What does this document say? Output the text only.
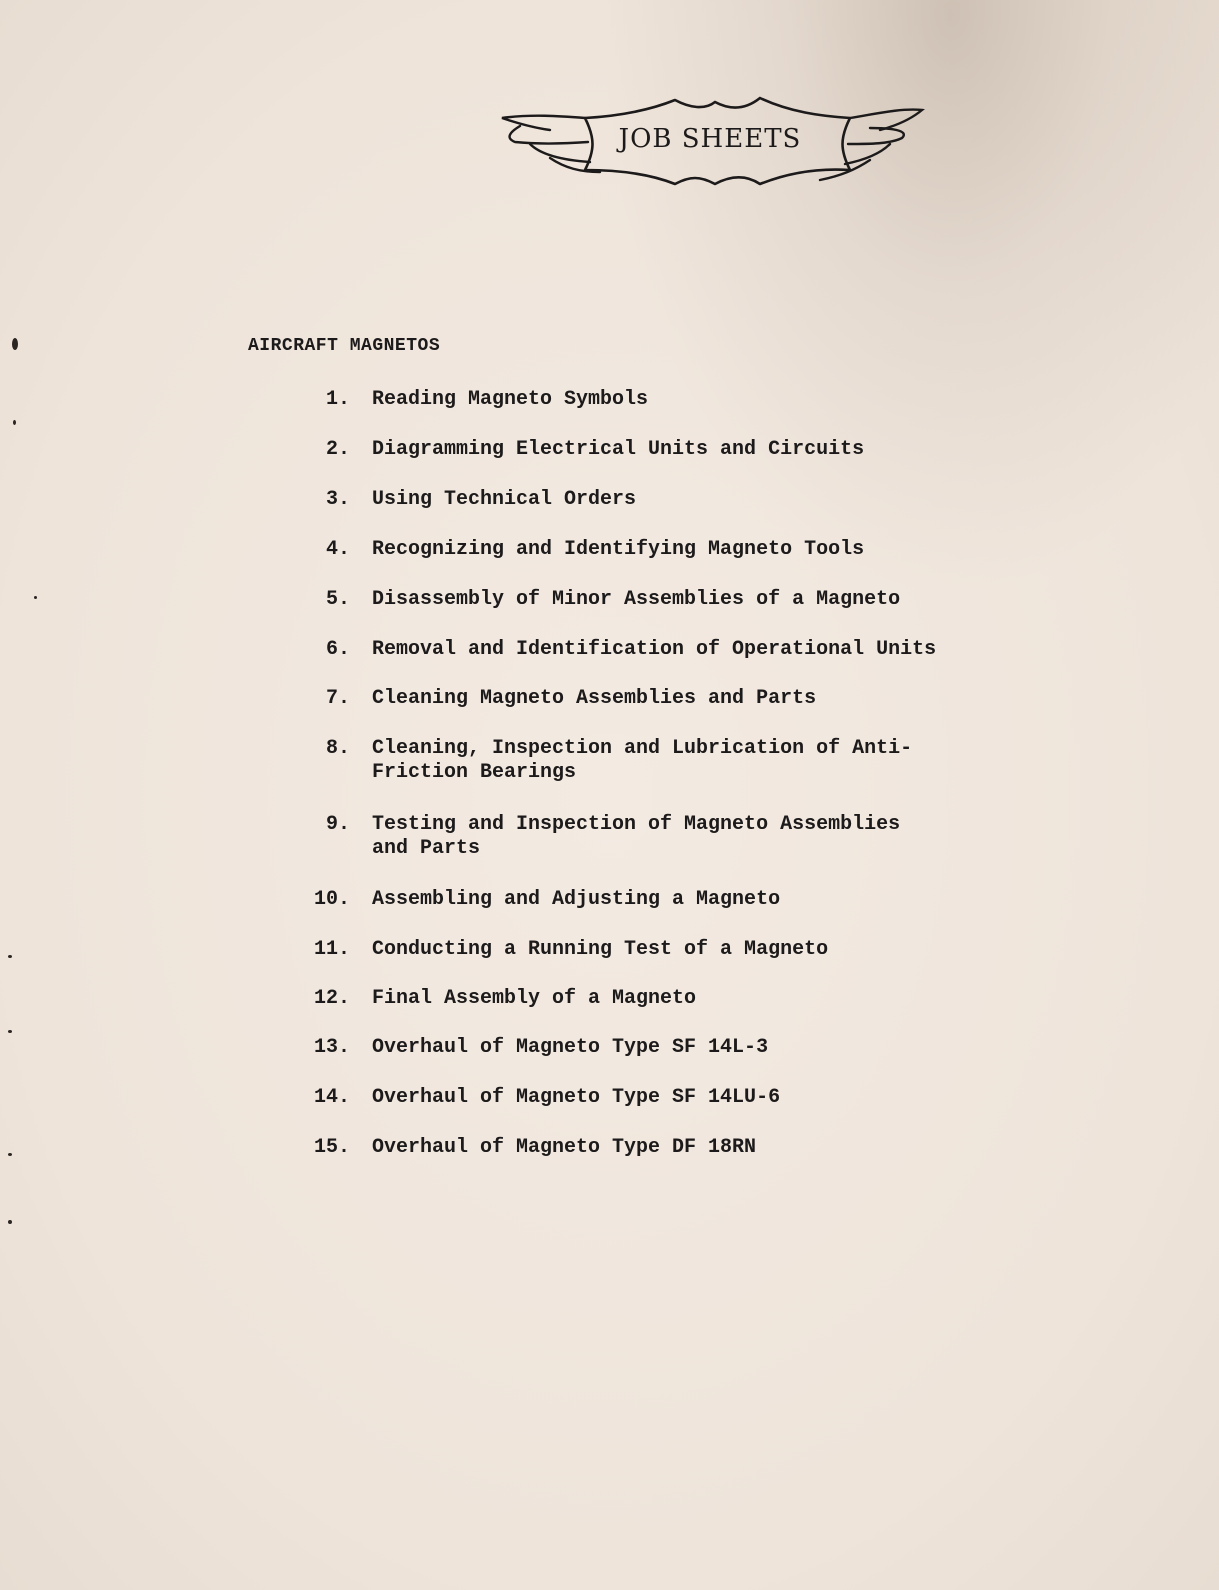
JOB SHEETS
AIRCRAFT MAGNETOS
1. Reading Magneto Symbols
2. Diagramming Electrical Units and Circuits
3. Using Technical Orders
4. Recognizing and Identifying Magneto Tools
5. Disassembly of Minor Assemblies of a Magneto
6. Removal and Identification of Operational Units
7. Cleaning Magneto Assemblies and Parts
8. Cleaning, Inspection and Lubrication of Anti-
Friction Bearings
9. Testing and Inspection of Magneto Assemblies
and Parts
10. Assembling and Adjusting a Magneto
11. Conducting a Running Test of a Magneto
12. Final Assembly of a Magneto
13. Overhaul of Magneto Type SF 14L-3
14. Overhaul of Magneto Type SF 14LU-6
15. Overhaul of Magneto Type DF 18RN
